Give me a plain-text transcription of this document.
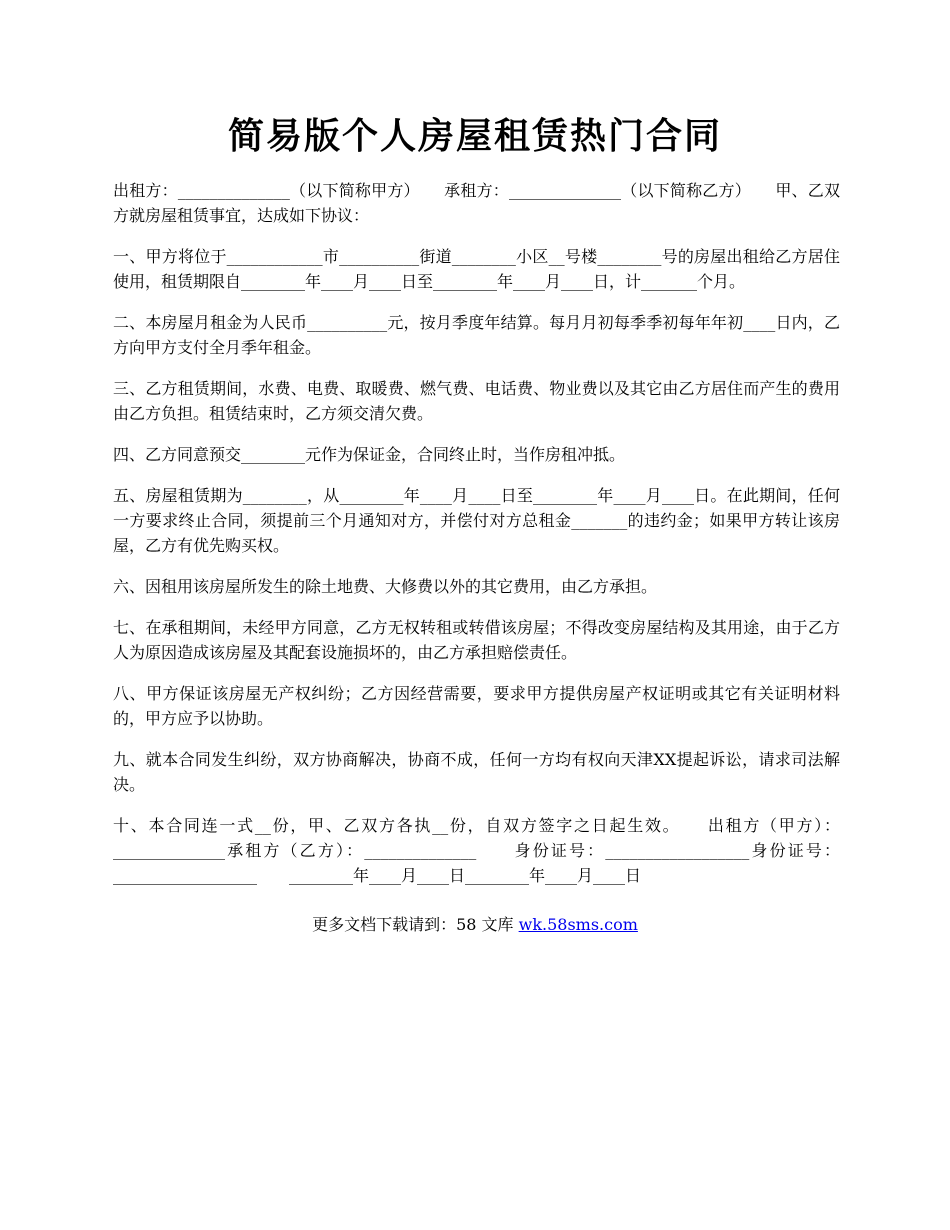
简易版个人房屋租赁热门合同

出租方：______________（以下简称甲方）　　承租方：______________（以下简称乙方）　　甲、乙双方就房屋租赁事宜，达成如下协议：

一、甲方将位于____________市__________街道________小区__号楼________号的房屋出租给乙方居住使用，租赁期限自________年____月____日至________年____月____日，计_______个月。

二、本房屋月租金为人民币__________元，按月季度年结算。每月月初每季季初每年年初____日内，乙方向甲方支付全月季年租金。

三、乙方租赁期间，水费、电费、取暖费、燃气费、电话费、物业费以及其它由乙方居住而产生的费用由乙方负担。租赁结束时，乙方须交清欠费。

四、乙方同意预交________元作为保证金，合同终止时，当作房租冲抵。

五、房屋租赁期为________，从________年____月____日至________年____月____日。在此期间，任何一方要求终止合同，须提前三个月通知对方，并偿付对方总租金_______的违约金；如果甲方转让该房屋，乙方有优先购买权。

六、因租用该房屋所发生的除土地费、大修费以外的其它费用，由乙方承担。

七、在承租期间，未经甲方同意，乙方无权转租或转借该房屋；不得改变房屋结构及其用途，由于乙方人为原因造成该房屋及其配套设施损坏的，由乙方承担赔偿责任。

八、甲方保证该房屋无产权纠纷；乙方因经营需要，要求甲方提供房屋产权证明或其它有关证明材料的，甲方应予以协助。

九、就本合同发生纠纷，双方协商解决，协商不成，任何一方均有权向天津XX提起诉讼，请求司法解决。

十、本合同连一式__份，甲、乙双方各执__份，自双方签字之日起生效。　　出租方（甲方）：______________承租方（乙方）：______________　　身份证号：__________________身份证号：__________________　　________年____月____日________年____月____日

更多文档下载请到：58 文库 wk.58sms.com
